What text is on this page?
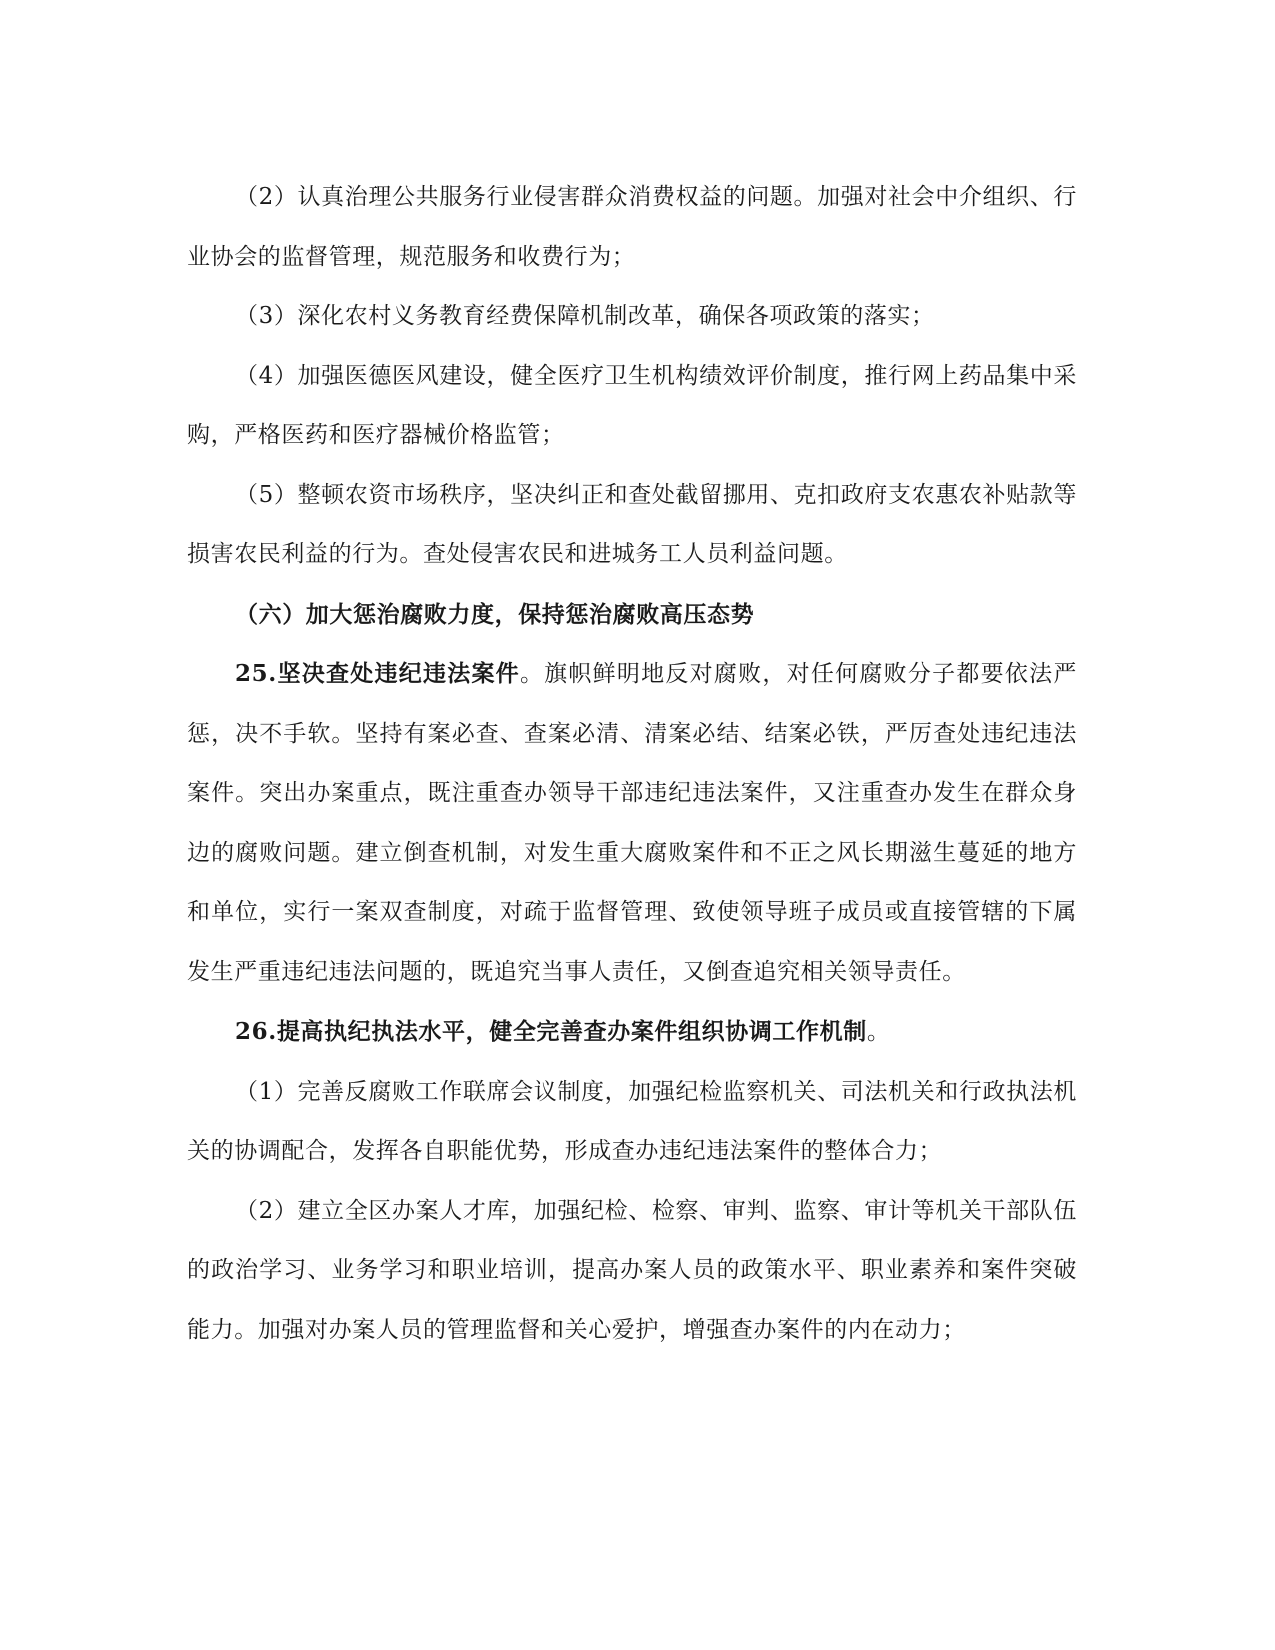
（2）认真治理公共服务行业侵害群众消费权益的问题。加强对社会中介组织、行业协会的监督管理，规范服务和收费行为；

（3）深化农村义务教育经费保障机制改革，确保各项政策的落实；

（4）加强医德医风建设，健全医疗卫生机构绩效评价制度，推行网上药品集中采购，严格医药和医疗器械价格监管；

（5）整顿农资市场秩序，坚决纠正和查处截留挪用、克扣政府支农惠农补贴款等损害农民利益的行为。查处侵害农民和进城务工人员利益问题。

（六）加大惩治腐败力度，保持惩治腐败高压态势

25.坚决查处违纪违法案件。旗帜鲜明地反对腐败，对任何腐败分子都要依法严惩，决不手软。坚持有案必查、查案必清、清案必结、结案必铁，严厉查处违纪违法案件。突出办案重点，既注重查办领导干部违纪违法案件，又注重查办发生在群众身边的腐败问题。建立倒查机制，对发生重大腐败案件和不正之风长期滋生蔓延的地方和单位，实行一案双查制度，对疏于监督管理、致使领导班子成员或直接管辖的下属发生严重违纪违法问题的，既追究当事人责任，又倒查追究相关领导责任。

26.提高执纪执法水平，健全完善查办案件组织协调工作机制。

（1）完善反腐败工作联席会议制度，加强纪检监察机关、司法机关和行政执法机关的协调配合，发挥各自职能优势，形成查办违纪违法案件的整体合力；

（2）建立全区办案人才库，加强纪检、检察、审判、监察、审计等机关干部队伍的政治学习、业务学习和职业培训，提高办案人员的政策水平、职业素养和案件突破能力。加强对办案人员的管理监督和关心爱护，增强查办案件的内在动力；
